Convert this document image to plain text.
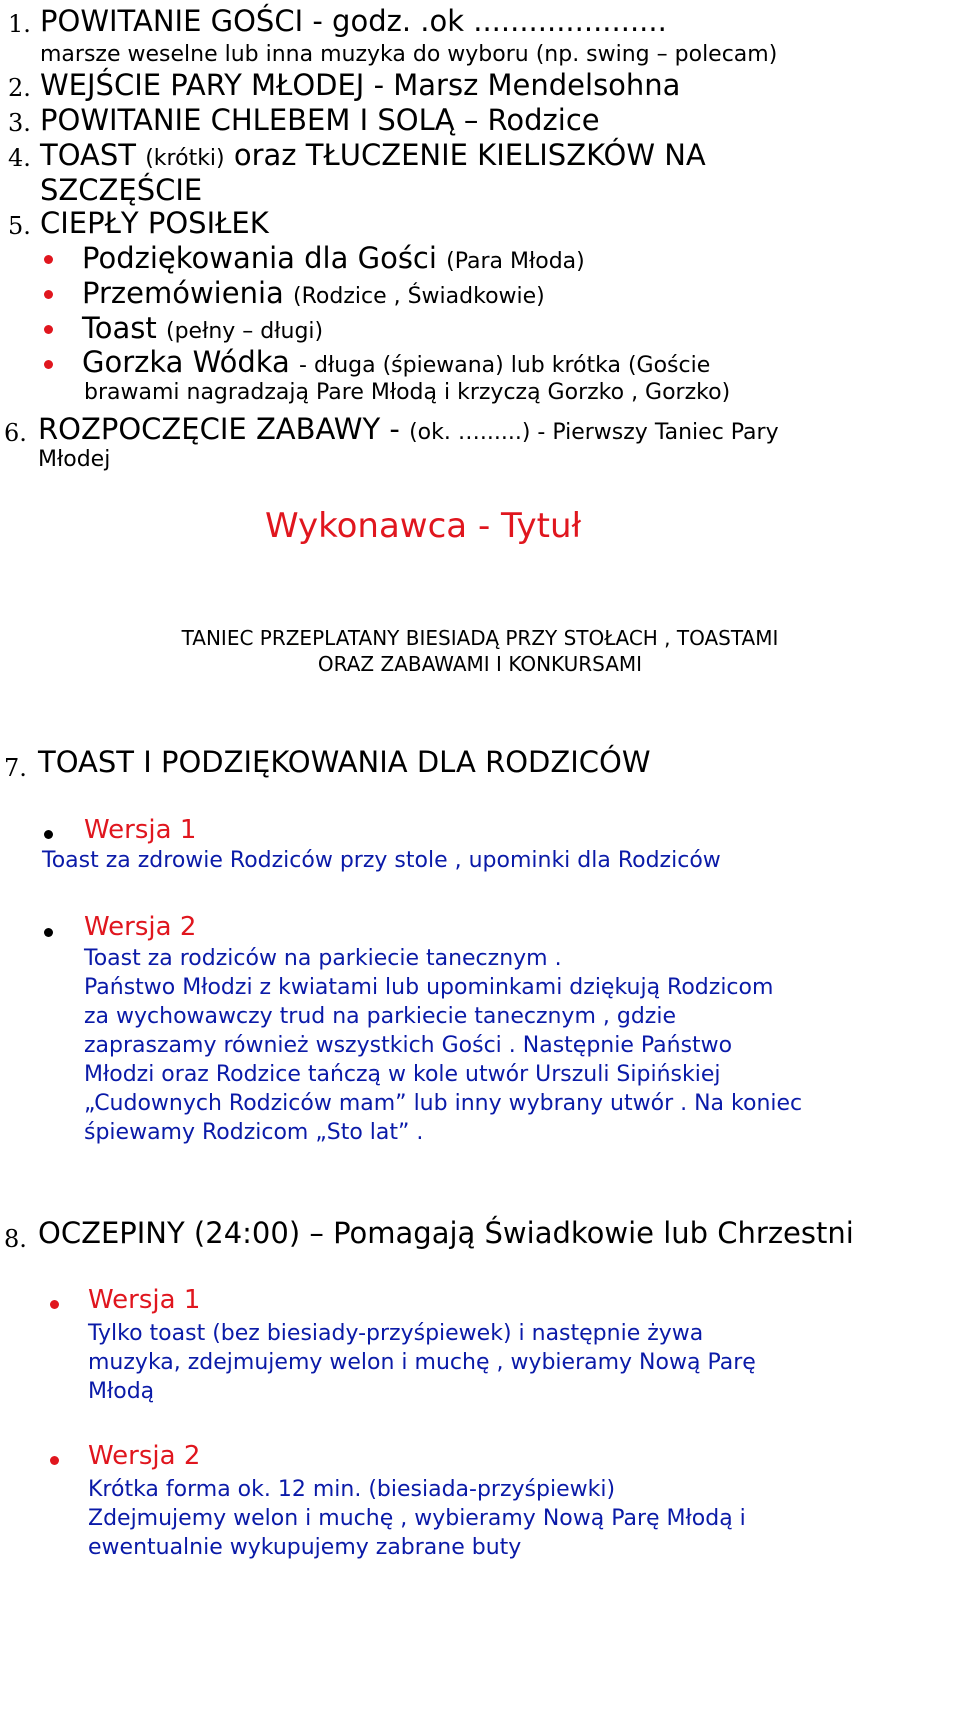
1. POWITANIE GOŚCI - godz. .ok .....................
marsze weselne lub inna muzyka do wyboru (np. swing – polecam)
2. WEJŚCIE PARY MŁODEJ - Marsz Mendelsohna
3. POWITANIE CHLEBEM I SOLĄ – Rodzice
4. TOAST (krótki) oraz TŁUCZENIE KIELISZKÓW NA
SZCZĘŚCIE
5. CIEPŁY POSIŁEK
Podziękowania dla Gości (Para Młoda)
Przemówienia (Rodzice , Świadkowie)
Toast (pełny – długi)
Gorzka Wódka - długa (śpiewana) lub krótka (Goście
brawami nagradzają Pare Młodą i krzyczą Gorzko , Gorzko)
6. ROZPOCZĘCIE ZABAWY - (ok. …......) - Pierwszy Taniec Pary
Młodej
Wykonawca - Tytuł
TANIEC PRZEPLATANY BIESIADĄ PRZY STOŁACH , TOASTAMI
ORAZ ZABAWAMI I KONKURSAMI
7. TOAST I PODZIĘKOWANIA DLA RODZICÓW
Wersja 1
Toast za zdrowie Rodziców przy stole , upominki dla Rodziców
Wersja 2
Toast za rodziców na parkiecie tanecznym .
Państwo Młodzi z kwiatami lub upominkami dziękują Rodzicom
za wychowawczy trud na parkiecie tanecznym , gdzie
zapraszamy również wszystkich Gości . Następnie Państwo
Młodzi oraz Rodzice tańczą w kole utwór Urszuli Sipińskiej
„Cudownych Rodziców mam” lub inny wybrany utwór . Na koniec
śpiewamy Rodzicom „Sto lat” .
8. OCZEPINY (24:00) – Pomagają Świadkowie lub Chrzestni
Wersja 1
Tylko toast (bez biesiady-przyśpiewek) i następnie żywa
muzyka, zdejmujemy welon i muchę , wybieramy Nową Parę
Młodą
Wersja 2
Krótka forma ok. 12 min. (biesiada-przyśpiewki)
Zdejmujemy welon i muchę , wybieramy Nową Parę Młodą i
ewentualnie wykupujemy zabrane buty
